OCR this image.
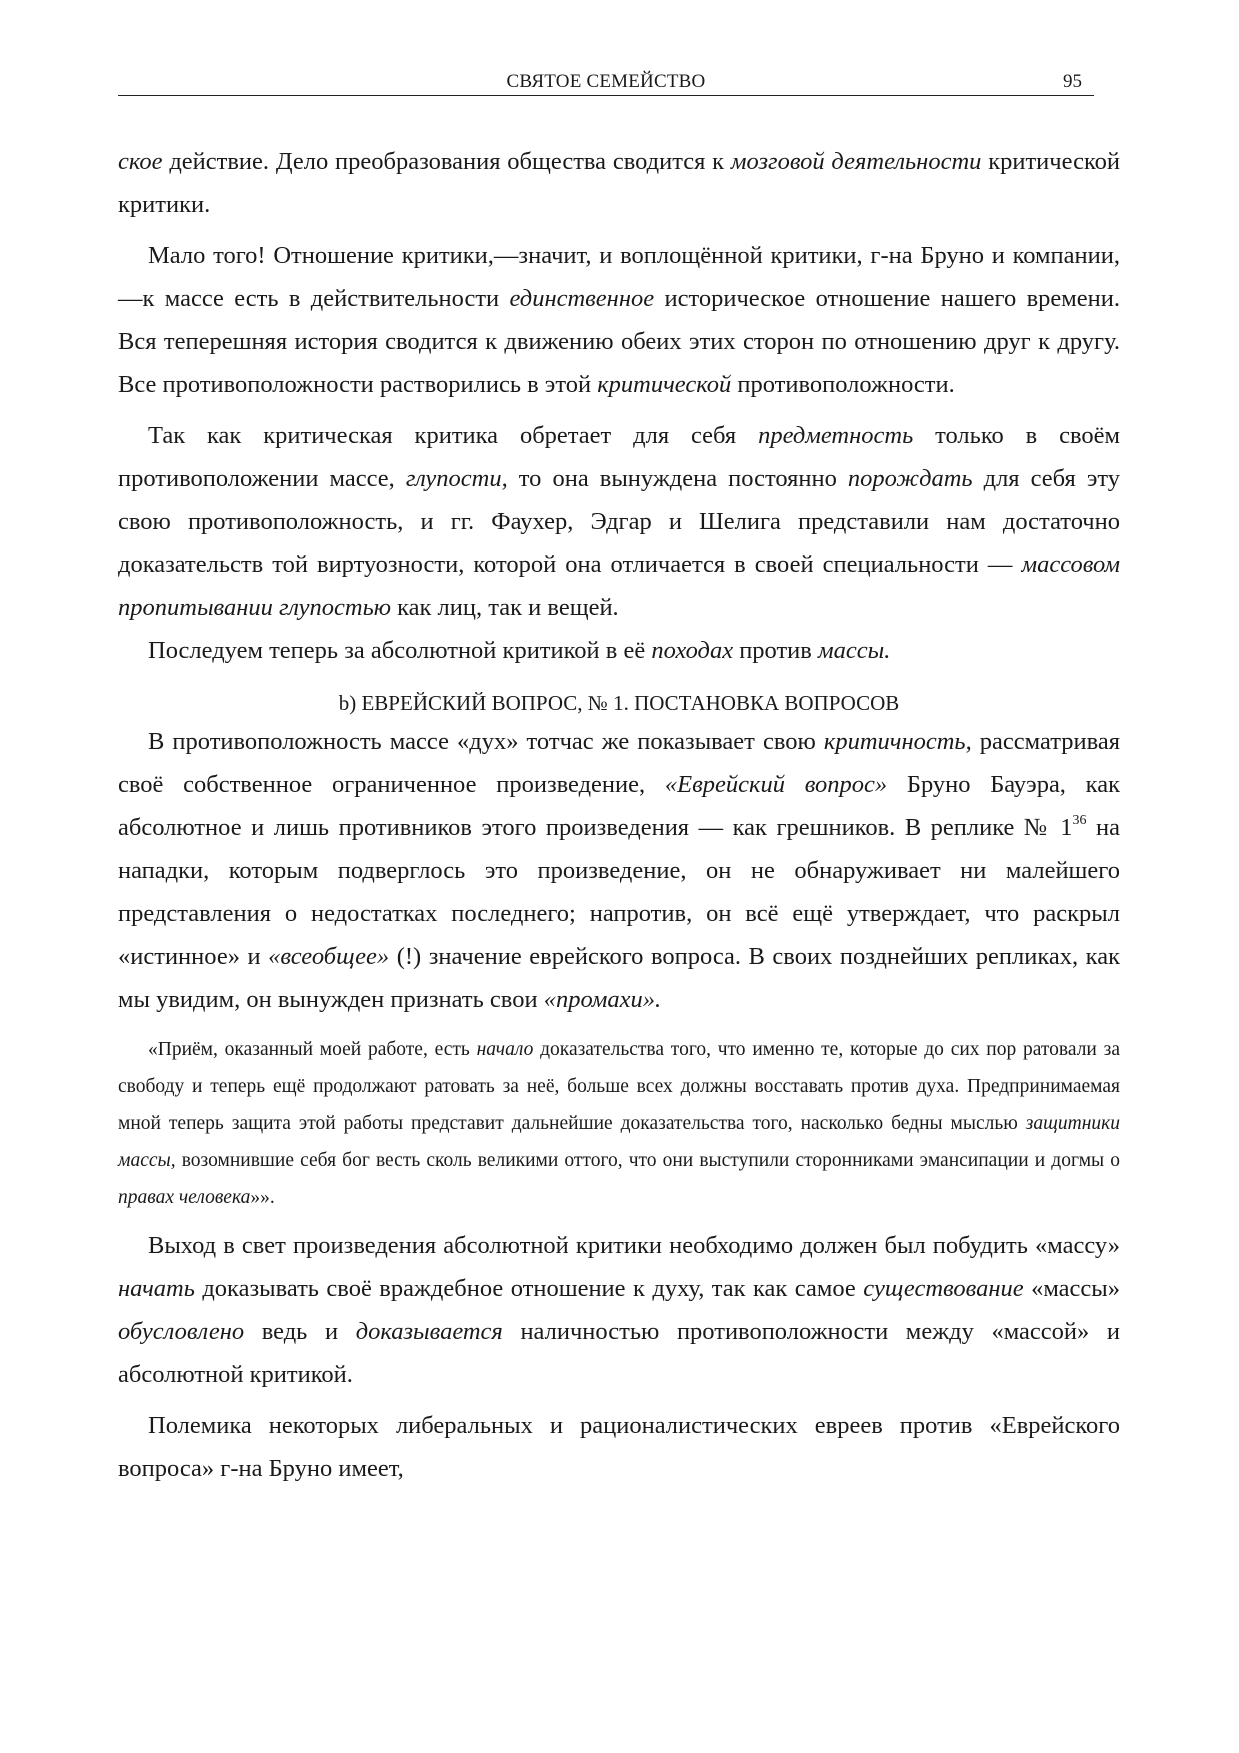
СВЯТОЕ СЕМЕЙСТВО	95

ское действие. Дело преобразования общества сводится к мозговой деятельности критической критики.

Мало того! Отношение критики,—значит, и воплощённой критики, г-на Бруно и компании, —к массе есть в действительности единственное историческое отношение нашего времени. Вся теперешняя история сводится к движению обеих этих сторон по отношению друг к другу. Все противоположности растворились в этой критической противоположности.

Так как критическая критика обретает для себя предметность только в своём противоположении массе, глупости, то она вынуждена постоянно порождать для себя эту свою противоположность, и гг. Фаухер, Эдгар и Шелига представили нам достаточно доказательств той виртуозности, которой она отличается в своей специальности — массовом пропитывании глупостью как лиц, так и вещей.

Последуем теперь за абсолютной критикой в её походах против массы.

b) ЕВРЕЙСКИЙ ВОПРОС, № 1. ПОСТАНОВКА ВОПРОСОВ

В противоположность массе «дух» тотчас же показывает свою критичность, рассматривая своё собственное ограниченное произведение, «Еврейский вопрос» Бруно Бауэра, как абсолютное и лишь противников этого произведения — как грешников. В реплике № $1^{36}$ на нападки, которым подверглось это произведение, он не обнаруживает ни малейшего представления о недостатках последнего; напротив, он всё ещё утверждает, что раскрыл «истинное» и «всеобщее» (!) значение еврейского вопроса. В своих позднейших репликах, как мы увидим, он вынужден признать свои «промахи».

«Приём, оказанный моей работе, есть начало доказательства того, что именно те, которые до сих пор ратовали за свободу и теперь ещё продолжают ратовать за неё, больше всех должны восставать против духа. Предпринимаемая мной теперь защита этой работы представит дальнейшие доказательства того, насколько бедны мыслью защитники массы, возомнившие себя бог весть сколь великими оттого, что они выступили сторонниками эмансипации и догмы о правах человека»».

Выход в свет произведения абсолютной критики необходимо должен был побудить «массу» начать доказывать своё враждебное отношение к духу, так как самое существование «массы» обусловлено ведь и доказывается наличностью противоположности между «массой» и абсолютной критикой.

Полемика некоторых либеральных и рационалистических евреев против «Еврейского вопроса» г-на Бруно имеет,
